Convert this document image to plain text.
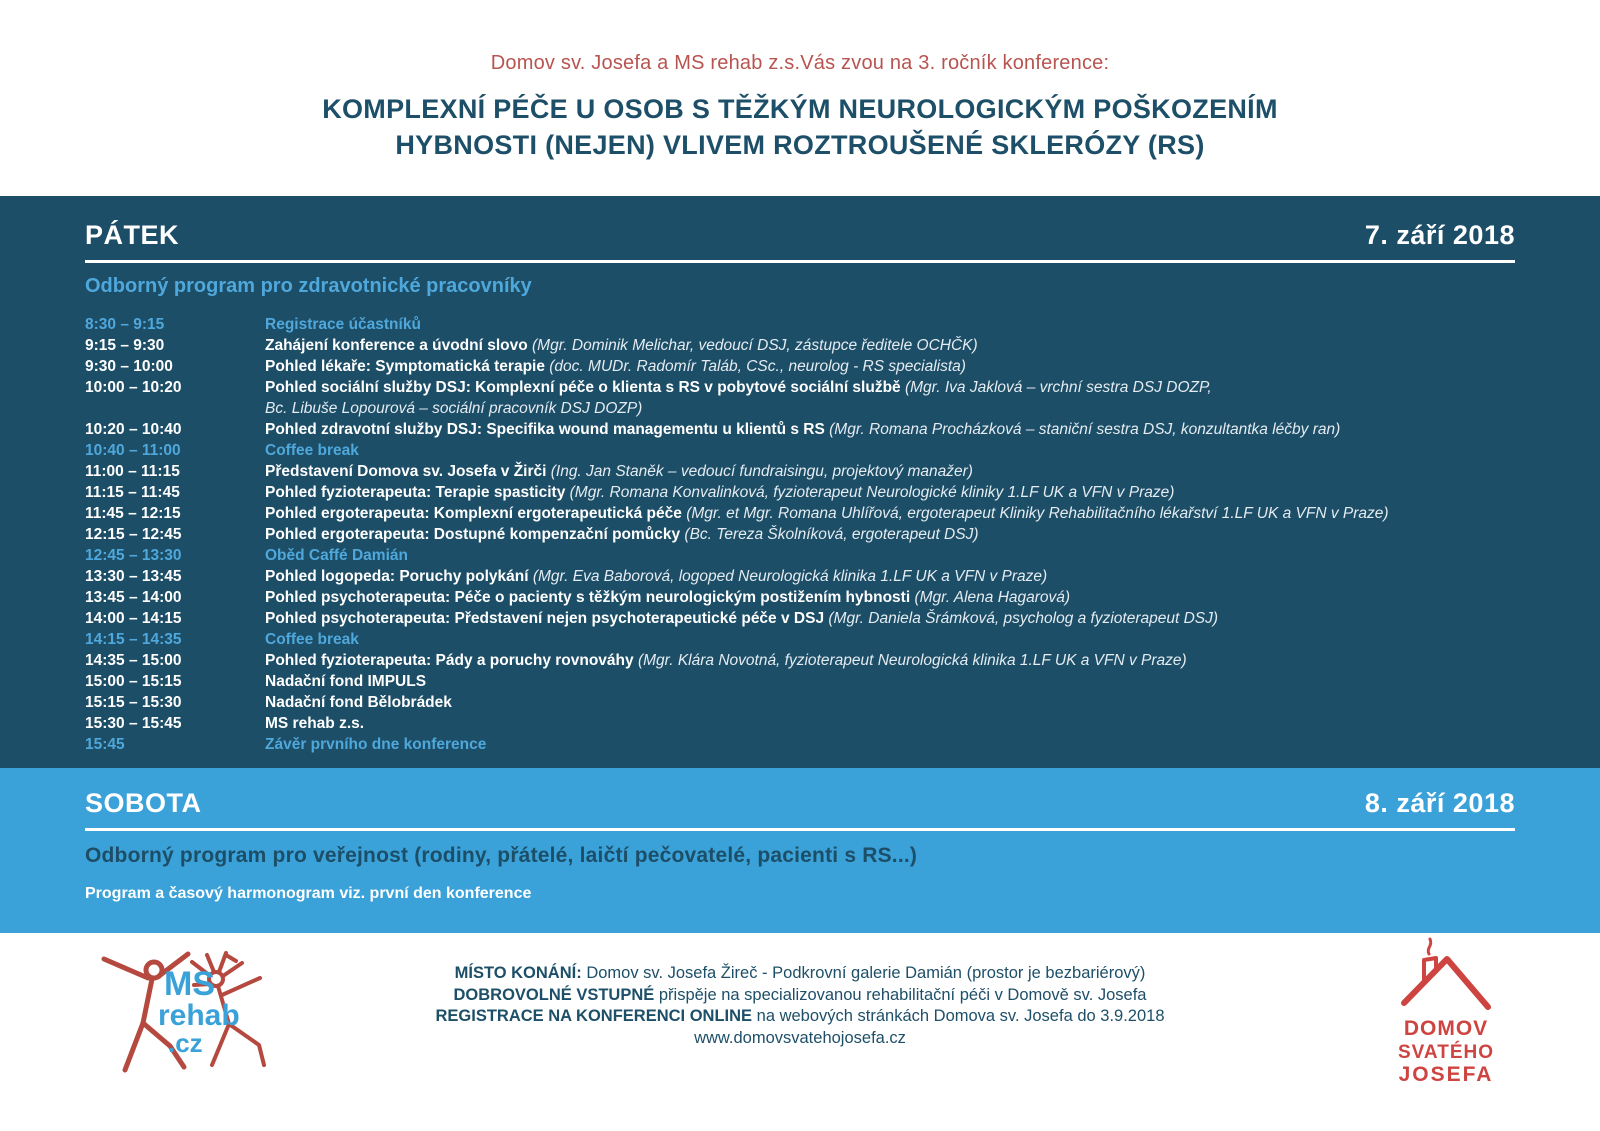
Domov sv. Josefa a MS rehab z.s.Vás zvou na 3. ročník konference:
KOMPLEXNÍ PÉČE U OSOB S TĚŽKÝM NEUROLOGICKÝM POŠKOZENÍM
HYBNOSTI (NEJEN) VLIVEM ROZTROUŠENÉ SKLERÓZY (RS)
PÁTEK	7. září 2018
Odborný program pro zdravotnické pracovníky
8:30 – 9:15	Registrace účastníků
9:15 – 9:30	Zahájení konference a úvodní slovo (Mgr. Dominik Melichar, vedoucí DSJ, zástupce ředitele OCHČK)
9:30 – 10:00	Pohled lékaře: Symptomatická terapie (doc. MUDr. Radomír Taláb, CSc., neurolog - RS specialista)
10:00 – 10:20	Pohled sociální služby DSJ: Komplexní péče o klienta s RS v pobytové sociální službě (Mgr. Iva Jaklová – vrchní sestra DSJ DOZP,
Bc. Libuše Lopourová – sociální pracovník DSJ DOZP)
10:20 – 10:40	Pohled zdravotní služby DSJ: Specifika wound managementu u klientů s RS (Mgr. Romana Procházková – staniční sestra DSJ, konzultantka léčby ran)
10:40 – 11:00	Coffee break
11:00 – 11:15	Představení Domova sv. Josefa v Žirči (Ing. Jan Staněk – vedoucí fundraisingu, projektový manažer)
11:15 – 11:45	Pohled fyzioterapeuta: Terapie spasticity (Mgr. Romana Konvalinková, fyzioterapeut Neurologické kliniky 1.LF UK a VFN v Praze)
11:45 – 12:15	Pohled ergoterapeuta: Komplexní ergoterapeutická péče (Mgr. et Mgr. Romana Uhlířová, ergoterapeut Kliniky Rehabilitačního lékařství 1.LF UK a VFN v Praze)
12:15 – 12:45	Pohled ergoterapeuta: Dostupné kompenzační pomůcky (Bc. Tereza Školníková, ergoterapeut DSJ)
12:45 – 13:30	Oběd Caffé Damián
13:30 – 13:45	Pohled logopeda: Poruchy polykání (Mgr. Eva Baborová, logoped Neurologická klinika 1.LF UK a VFN v Praze)
13:45 – 14:00	Pohled psychoterapeuta: Péče o pacienty s těžkým neurologickým postižením hybnosti (Mgr. Alena Hagarová)
14:00 – 14:15	Pohled psychoterapeuta: Představení nejen psychoterapeutické péče v DSJ (Mgr. Daniela Šrámková, psycholog a fyzioterapeut DSJ)
14:15 – 14:35	Coffee break
14:35 – 15:00	Pohled fyzioterapeuta: Pády a poruchy rovnováhy (Mgr. Klára Novotná, fyzioterapeut Neurologická klinika 1.LF UK a VFN v Praze)
15:00 – 15:15	Nadační fond IMPULS
15:15 – 15:30	Nadační fond Bělobrádek
15:30 – 15:45	MS rehab z.s.
15:45	Závěr prvního dne konference
SOBOTA	8. září 2018
Odborný program pro veřejnost (rodiny, přátelé, laičtí pečovatelé, pacienti s RS...)
Program a časový harmonogram viz. první den konference
MS
rehab
.cz
MÍSTO KONÁNÍ: Domov sv. Josefa Žireč - Podkrovní galerie Damián (prostor je bezbariérový)
DOBROVOLNÉ VSTUPNÉ přispěje na specializovanou rehabilitační péči v Domově sv. Josefa
REGISTRACE NA KONFERENCI ONLINE na webových stránkách Domova sv. Josefa do 3.9.2018
www.domovsvatehojosefa.cz	DOMOV
SVATÉHO
JOSEFA
